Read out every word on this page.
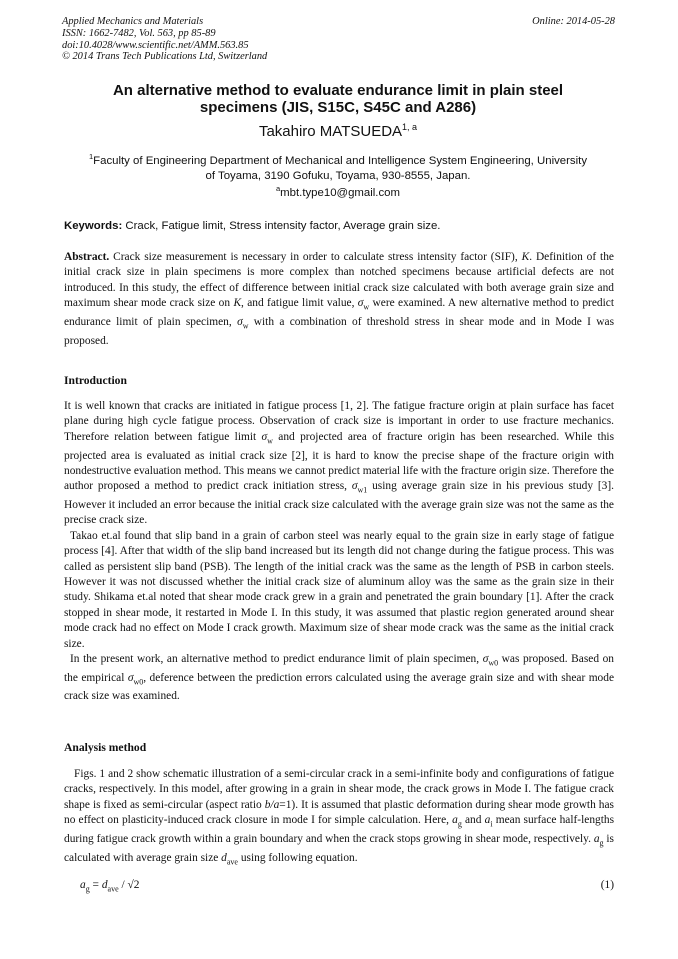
Applied Mechanics and Materials
ISSN: 1662-7482, Vol. 563, pp 85-89
doi:10.4028/www.scientific.net/AMM.563.85
© 2014 Trans Tech Publications Ltd, Switzerland
Online: 2014-05-28
An alternative method to evaluate endurance limit in plain steel
specimens (JIS, S15C, S45C and A286)
Takahiro MATSUEDA$^{1, a}$
$^1$Faculty of Engineering Department of Mechanical and Intelligence System Engineering, University
of Toyama, 3190 Gofuku, Toyama, 930-8555, Japan.
$^a$mbt.type10@gmail.com
Keywords: Crack, Fatigue limit, Stress intensity factor, Average grain size.
Abstract. Crack size measurement is necessary in order to calculate stress intensity factor (SIF), K. Definition of the initial crack size in plain specimens is more complex than notched specimens because artificial defects are not introduced. In this study, the effect of difference between initial crack size calculated with both average grain size and maximum shear mode crack size on K, and fatigue limit value, $\sigma_w$ were examined. A new alternative method to predict endurance limit of plain specimen, $\sigma_w$ with a combination of threshold stress in shear mode and in Mode I was proposed.
Introduction
It is well known that cracks are initiated in fatigue process [1, 2]. The fatigue fracture origin at plain surface has facet plane during high cycle fatigue process. Observation of crack size is important in order to use fracture mechanics. Therefore relation between fatigue limit $\sigma_w$ and projected area of fracture origin has been researched. While this projected area is evaluated as initial crack size [2], it is hard to know the precise shape of the fracture origin with nondestructive evaluation method. This means we cannot predict material life with the fracture origin size. Therefore the author proposed a method to predict crack initiation stress, $\sigma_{w1}$ using average grain size in his previous study [3]. However it included an error because the initial crack size calculated with the average grain size was not the same as the precise crack size.
Takao et.al found that slip band in a grain of carbon steel was nearly equal to the grain size in early stage of fatigue process [4]. After that width of the slip band increased but its length did not change during the fatigue process. This was called as persistent slip band (PSB). The length of the initial crack was the same as the length of PSB in carbon steels. However it was not discussed whether the initial crack size of aluminum alloy was the same as the grain size in their study. Shikama et.al noted that shear mode crack grew in a grain and penetrated the grain boundary [1]. After the crack stopped in shear mode, it restarted in Mode I. In this study, it was assumed that plastic region generated around shear mode crack had no effect on Mode I crack growth. Maximum size of shear mode crack was the same as the initial crack size.
In the present work, an alternative method to predict endurance limit of plain specimen, $\sigma_{w0}$ was proposed. Based on the empirical $\sigma_{w0}$, deference between the prediction errors calculated using the average grain size and with shear mode crack size was examined.
Analysis method
Figs. 1 and 2 show schematic illustration of a semi-circular crack in a semi-infinite body and configurations of fatigue cracks, respectively. In this model, after growing in a grain in shear mode, the crack grows in Mode I. The fatigue crack shape is fixed as semi-circular (aspect ratio b/a=1). It is assumed that plastic deformation during shear mode growth has no effect on plasticity-induced crack closure in mode I for simple calculation. Here, $a_g$ and $a_i$ mean surface half-lengths during fatigue crack growth within a grain boundary and when the crack stops growing in shear mode, respectively. $a_g$ is calculated with average grain size $d_{ave}$ using following equation.
$a_g = d_{ave} / √2$	(1)
